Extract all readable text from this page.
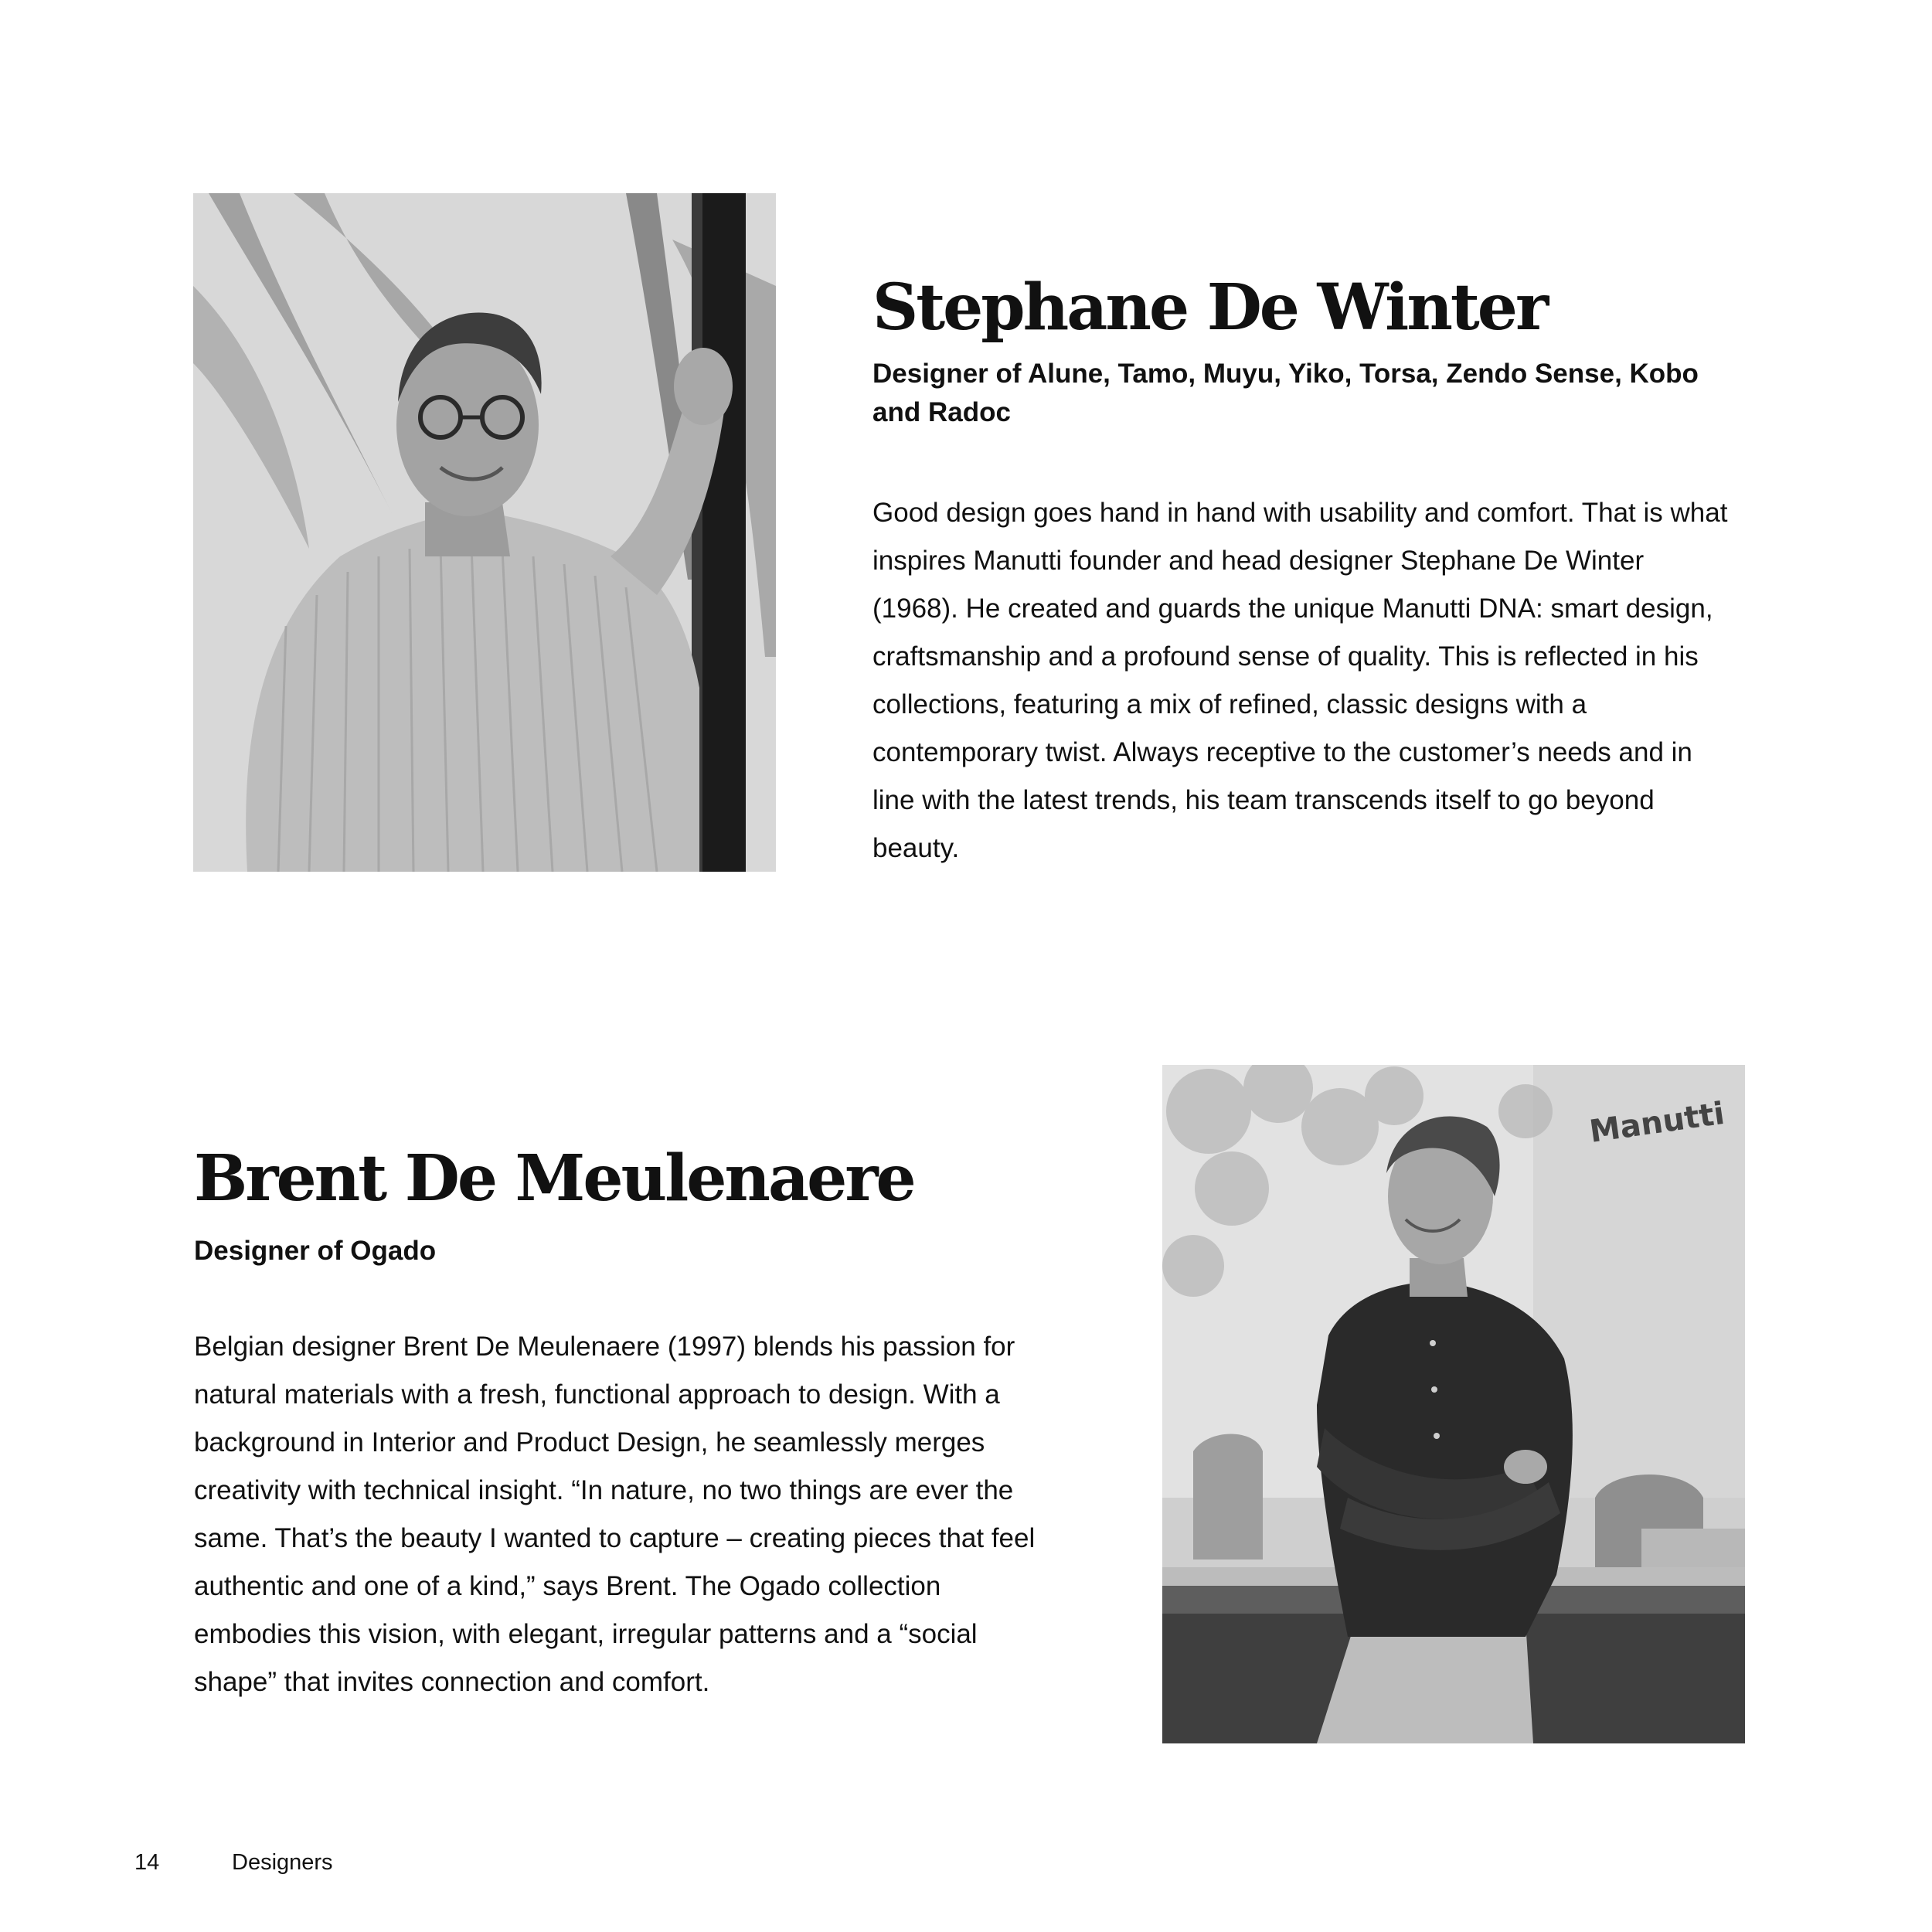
Stephane De Winter

Designer of Alune, Tamo, Muyu, Yiko, Torsa, Zendo Sense, Kobo and Radoc

Good design goes hand in hand with usability and comfort. That is what inspires Manutti founder and head designer Stephane De Winter (1968). He created and guards the unique Manutti DNA: smart design, craftsmanship and a profound sense of quality. This is reflected in his collections, featuring a mix of refined, classic designs with a contemporary twist. Always receptive to the customer’s needs and in line with the latest trends, his team transcends itself to go beyond beauty.

Brent De Meulenaere

Designer of Ogado

Belgian designer Brent De Meulenaere (1997) blends his passion for natural materials with a fresh, functional approach to design. With a background in Interior and Product Design, he seamlessly merges creativity with technical insight. “In nature, no two things are ever the same. That’s the beauty I wanted to capture – creating pieces that feel authentic and one of a kind,” says Brent. The Ogado collection embodies this vision, with elegant, irregular patterns and a “social shape” that invites connection and comfort.

Manutti
14	Designers
